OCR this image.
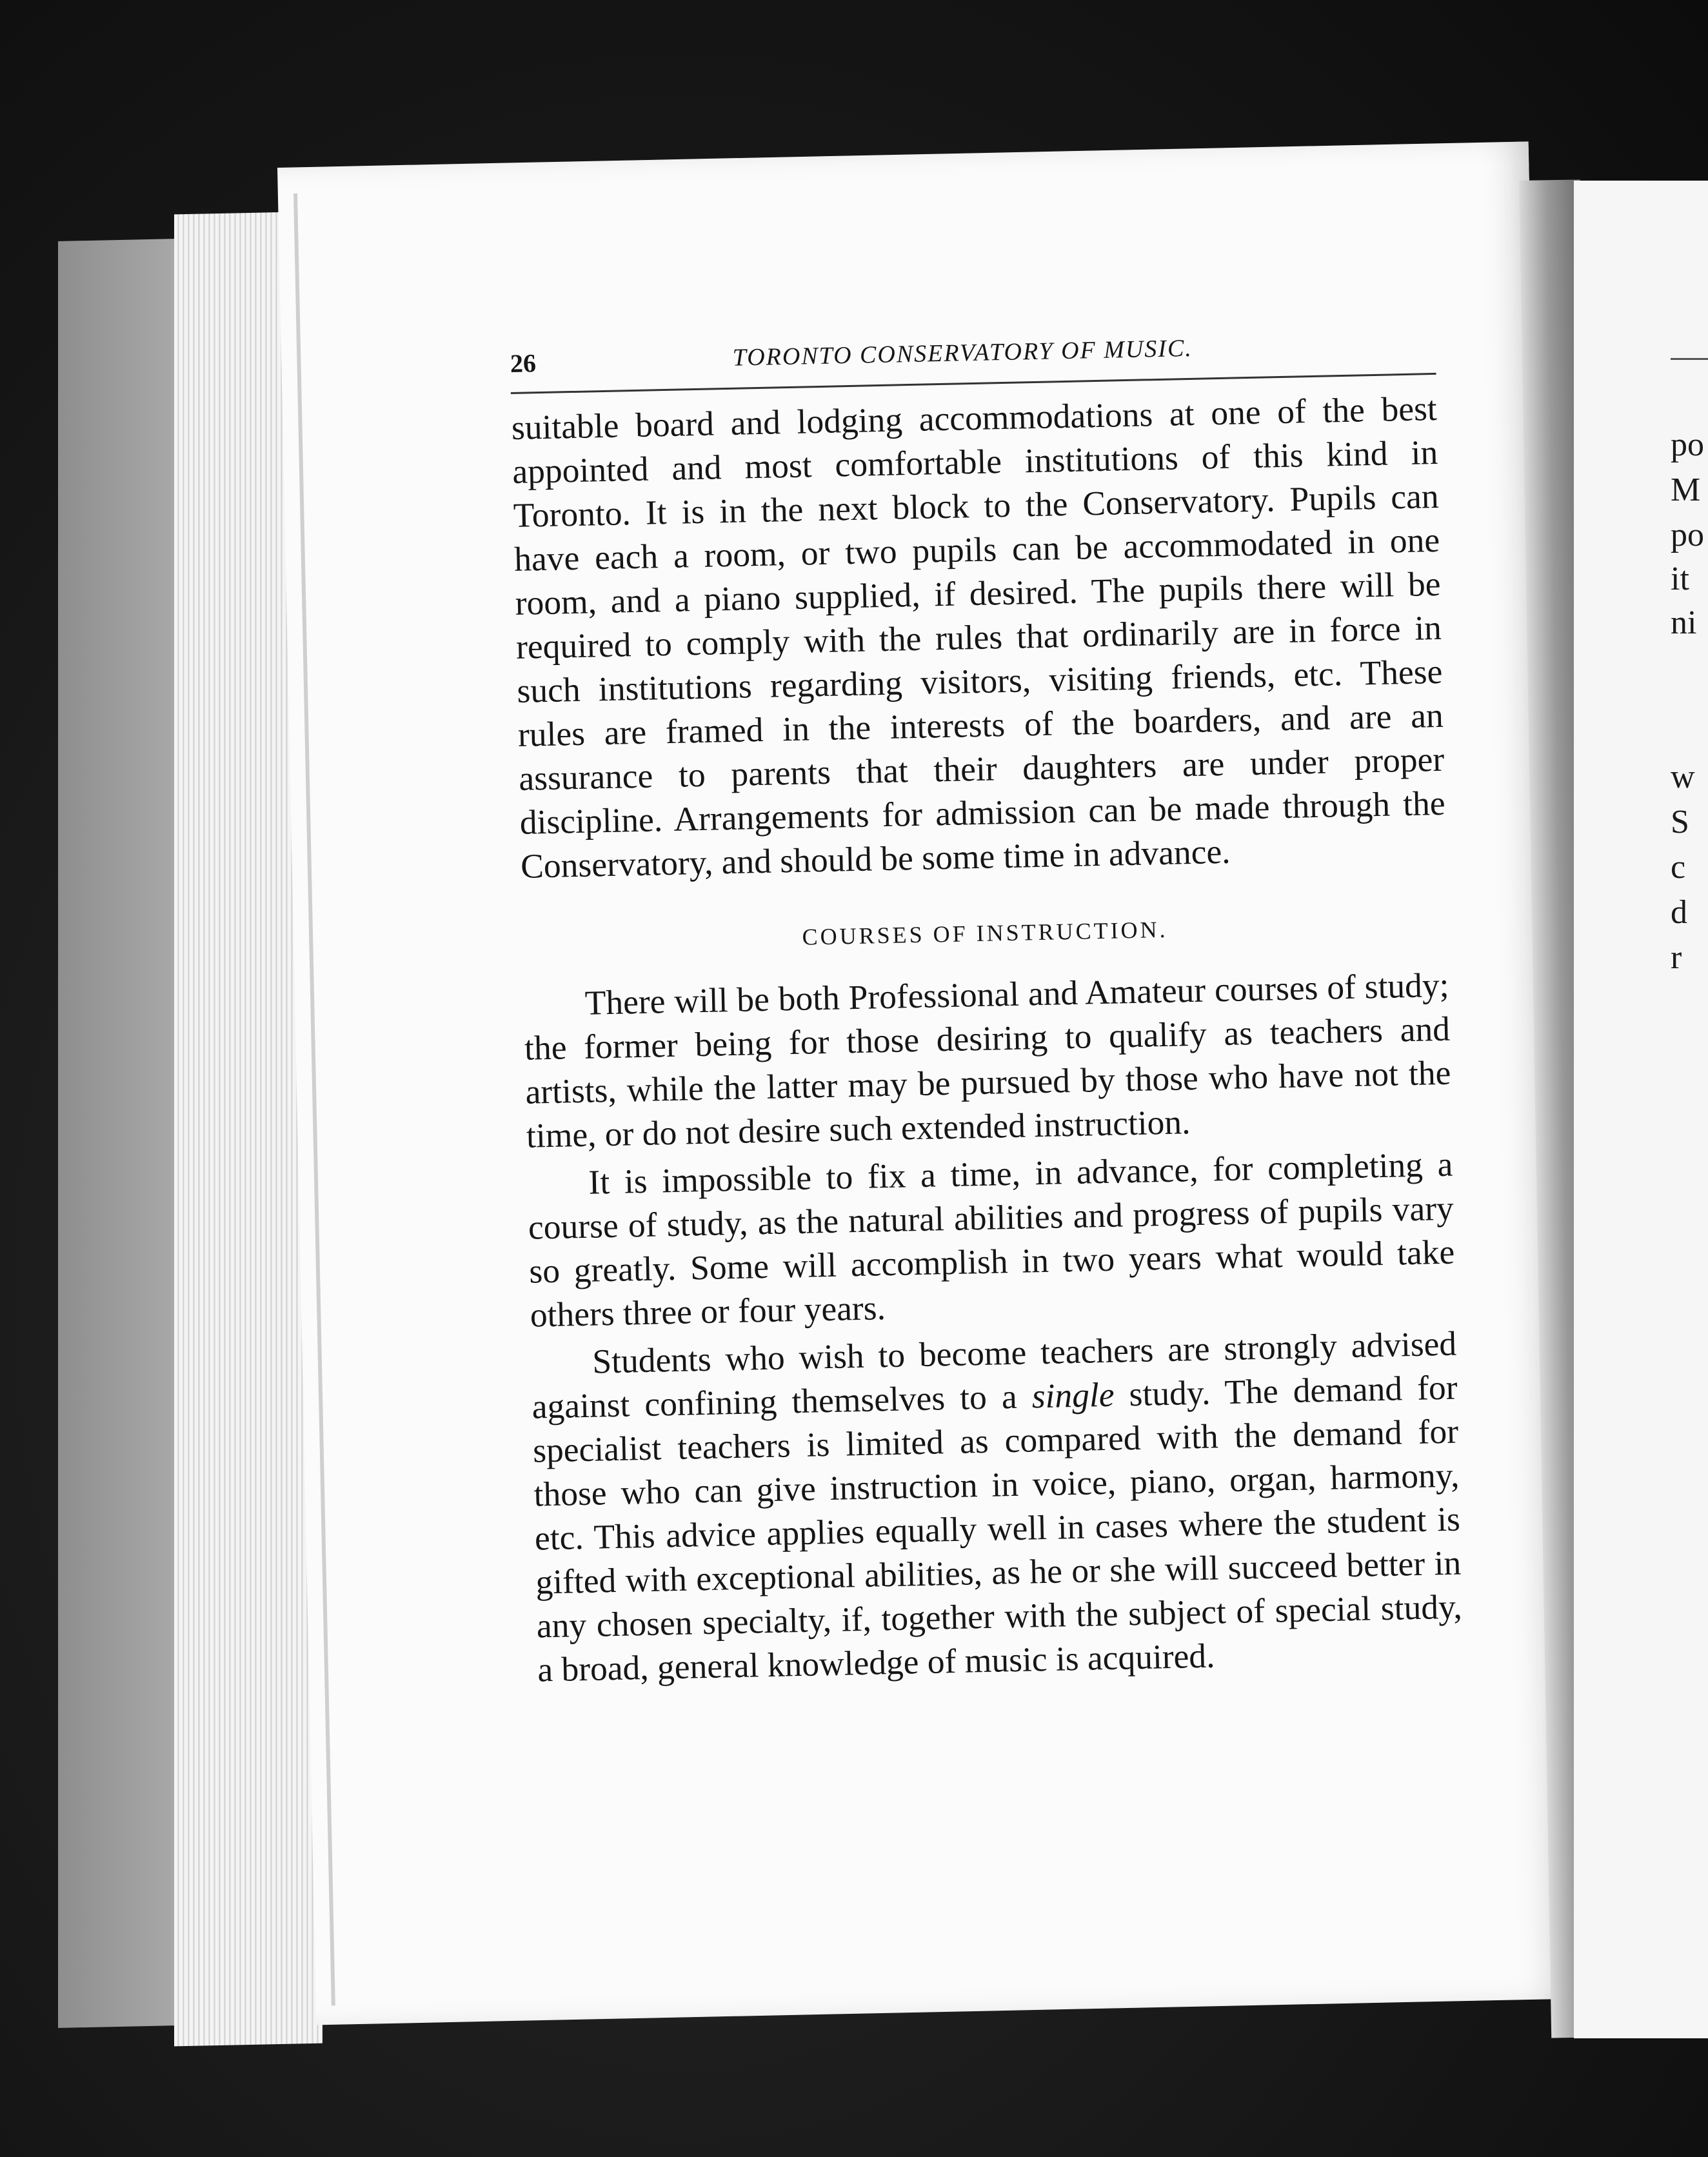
po
M
po
it
ni
w
S
c
d
r
26	TORONTO CONSERVATORY OF MUSIC.

suitable board and lodging accommodations at one of the best appointed and most comfortable institutions of this kind in Toronto. It is in the next block to the Conservatory. Pupils can have each a room, or two pupils can be accommodated in one room, and a piano supplied, if desired. The pupils there will be required to comply with the rules that ordinarily are in force in such institutions regarding visitors, visiting friends, etc. These rules are framed in the interests of the boarders, and are an assurance to parents that their daughters are under proper discipline. Arrangements for admission can be made through the Conservatory, and should be some time in advance.

COURSES OF INSTRUCTION.

There will be both Professional and Amateur courses of study; the former being for those desiring to qualify as teachers and artists, while the latter may be pursued by those who have not the time, or do not desire such extended instruction.

It is impossible to fix a time, in advance, for completing a course of study, as the natural abilities and progress of pupils vary so greatly. Some will accomplish in two years what would take others three or four years.

Students who wish to become teachers are strongly advised against confining themselves to a single study. The demand for specialist teachers is limited as compared with the demand for those who can give instruction in voice, piano, organ, harmony, etc. This advice applies equally well in cases where the student is gifted with exceptional abilities, as he or she will succeed better in any chosen specialty, if, together with the subject of special study, a broad, general knowledge of music is acquired.
